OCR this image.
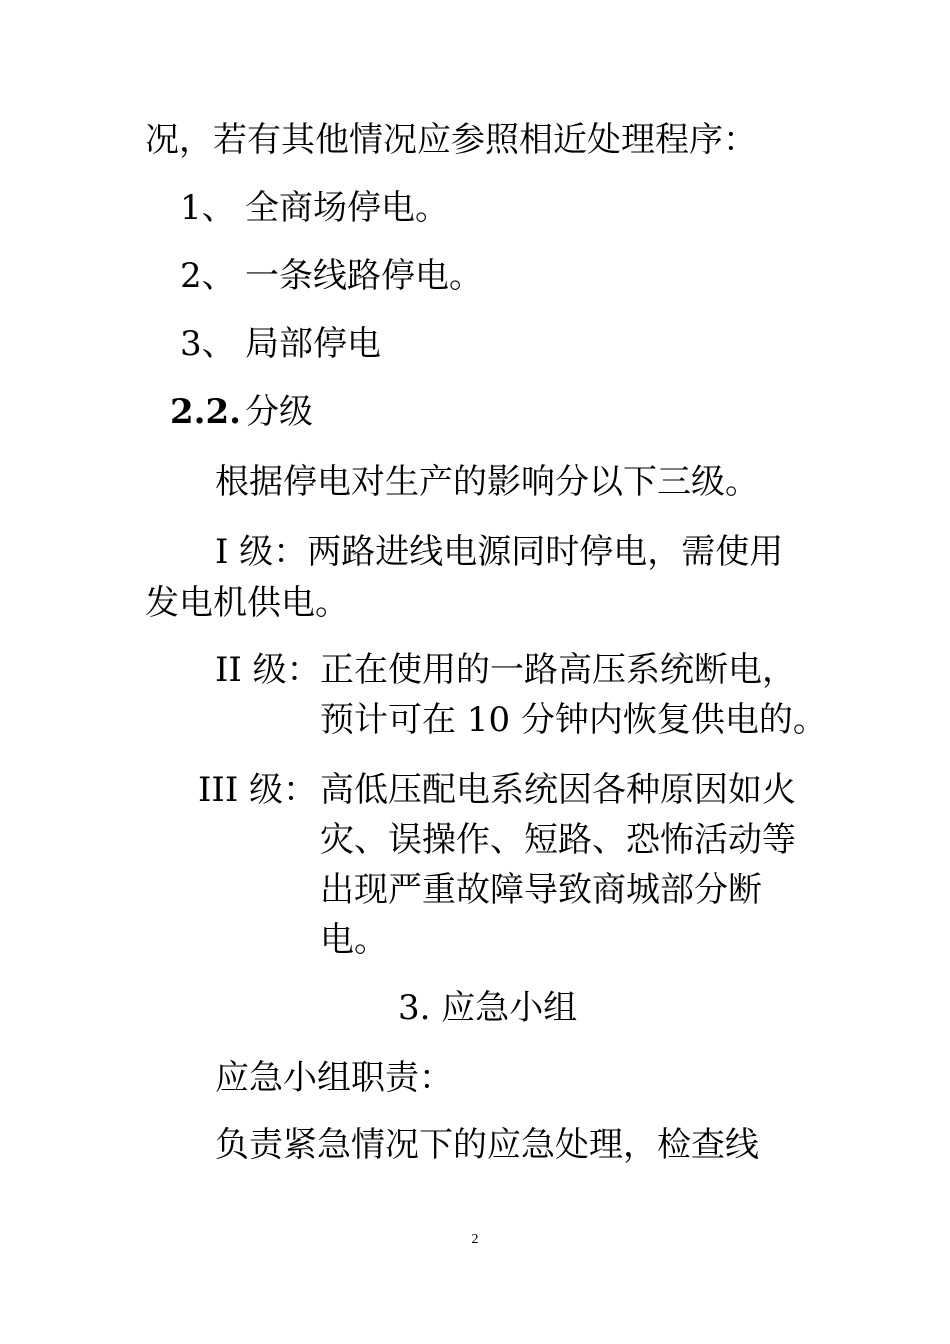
况，若有其他情况应参照相近处理程序：
1、 全商场停电。
2、 一条线路停电。
3、 局部停电
2.2. 分级
根据停电对生产的影响分以下三级。
I 级：两路进线电源同时停电，需使用
发电机供电。
II 级：正在使用的一路高压系统断电，
预计可在 10 分钟内恢复供电的。
III 级：高低压配电系统因各种原因如火
灾、误操作、短路、恐怖活动等
出现严重故障导致商城部分断
电。
3. 应急小组
应急小组职责：
负责紧急情况下的应急处理，检查线
2
